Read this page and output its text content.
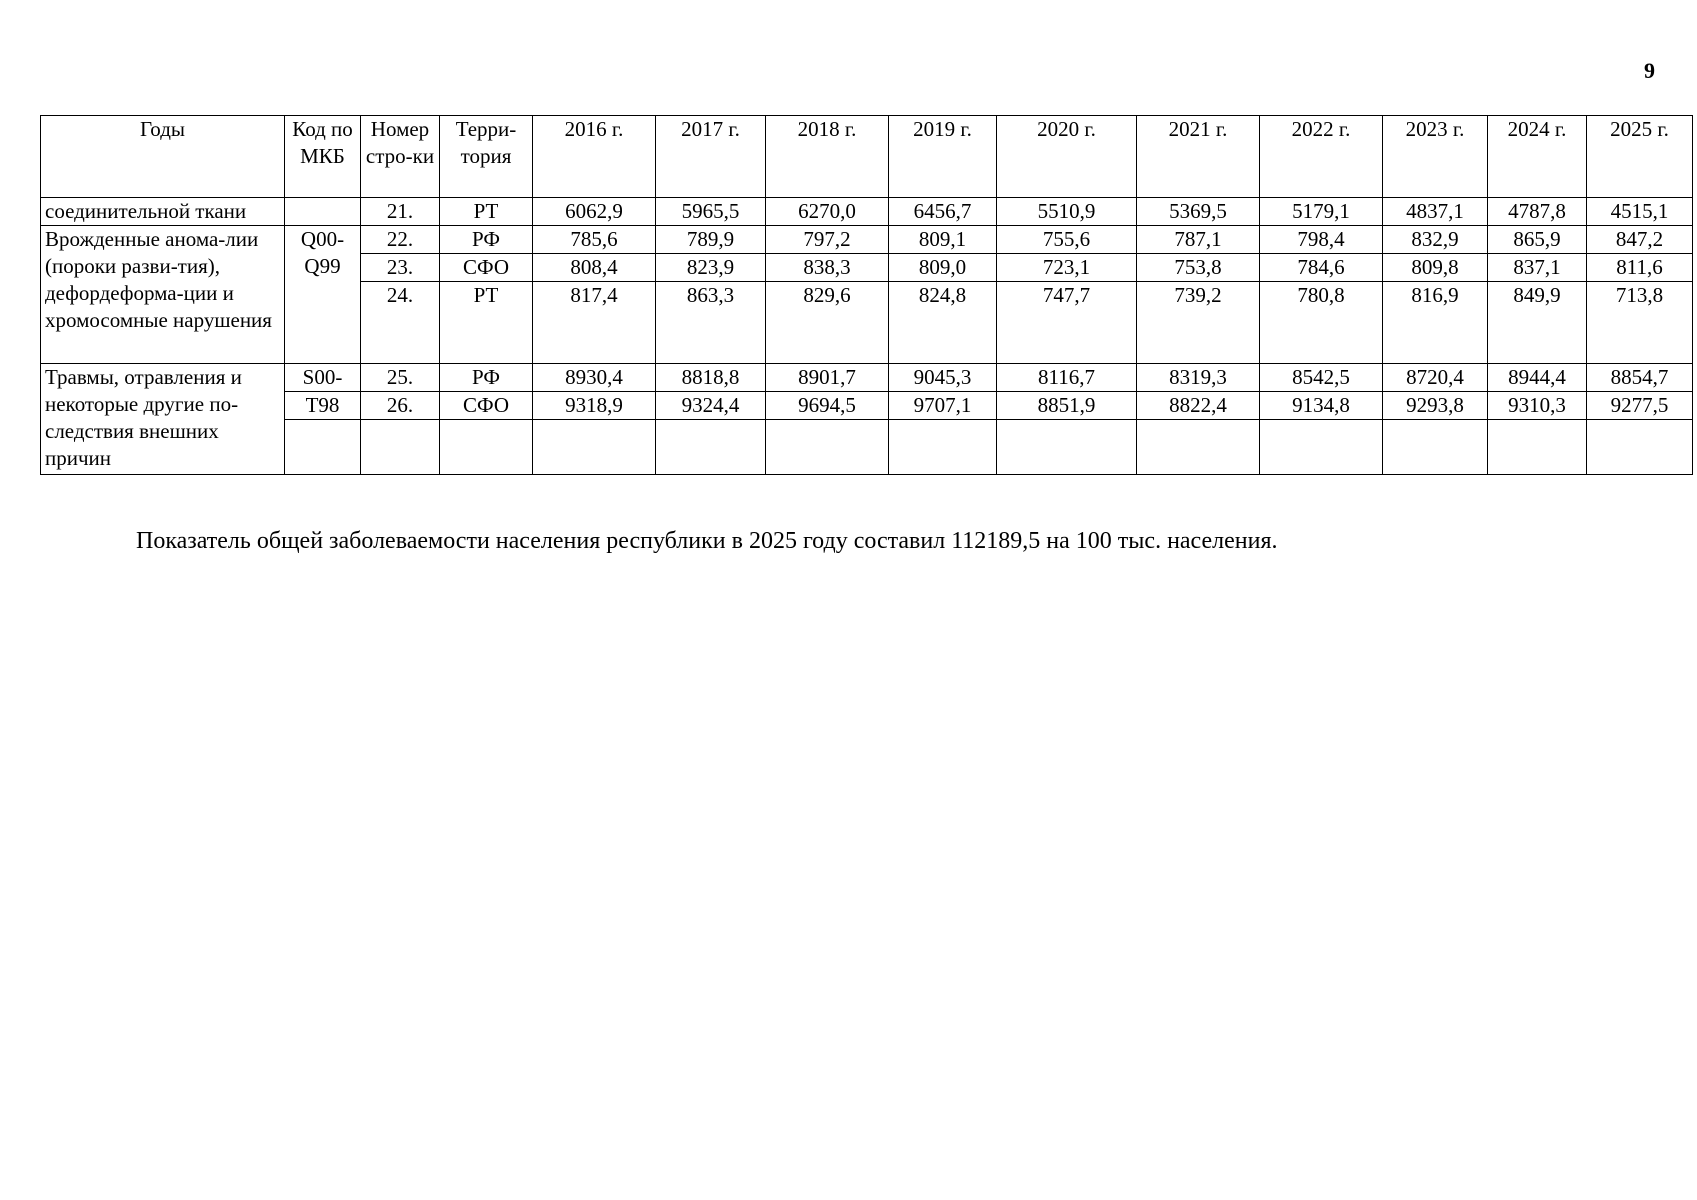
9
Годы	Код по МКБ	Номер стро-ки	Терри-тория	2016 г.	2017 г.	2018 г.	2019 г.	2020 г.	2021 г.	2022 г.	2023 г.	2024 г.	2025 г.
соединительной ткани		21.	РТ	6062,9	5965,5	6270,0	6456,7	5510,9	5369,5	5179,1	4837,1	4787,8	4515,1
Врожденные анома-лии (пороки разви-тия), дефордеформа-ции и хромосомные нарушения	Q00-Q99	22.	РФ	785,6	789,9	797,2	809,1	755,6	787,1	798,4	832,9	865,9	847,2
		23.	СФО	808,4	823,9	838,3	809,0	723,1	753,8	784,6	809,8	837,1	811,6
		24.	РТ	817,4	863,3	829,6	824,8	747,7	739,2	780,8	816,9	849,9	713,8
Травмы, отравления и некоторые другие по-следствия внешних причин	S00-	25.	РФ	8930,4	8818,8	8901,7	9045,3	8116,7	8319,3	8542,5	8720,4	8944,4	8854,7
	T98	26.	СФО	9318,9	9324,4	9694,5	9707,1	8851,9	8822,4	9134,8	9293,8	9310,3	9277,5

Показатель общей заболеваемости населения республики в 2025 году составил 112189,5 на 100 тыс. населения.
